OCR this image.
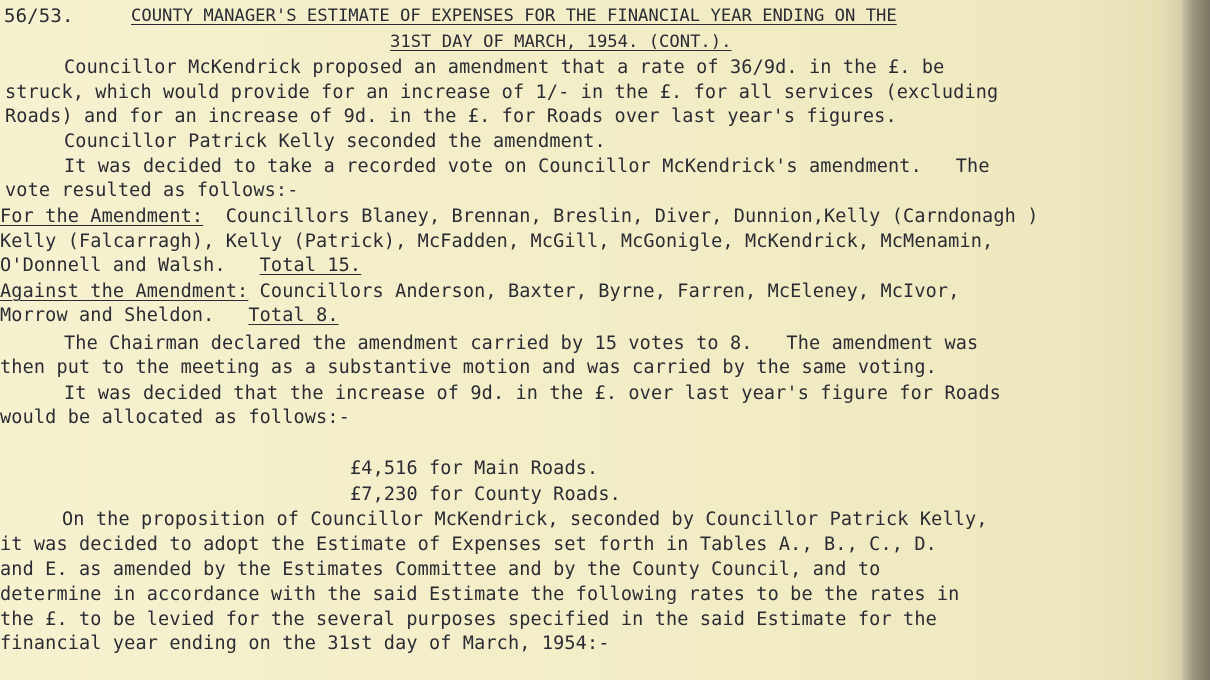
56/53.	COUNTY MANAGER'S ESTIMATE OF EXPENSES FOR THE FINANCIAL YEAR ENDING ON THE
31ST DAY OF MARCH, 1954. (CONT.).
Councillor McKendrick proposed an amendment that a rate of 36/9d. in the £. be
struck, which would provide for an increase of 1/- in the £. for all services (excluding
Roads) and for an increase of 9d. in the £. for Roads over last year's figures.
Councillor Patrick Kelly seconded the amendment.
It was decided to take a recorded vote on Councillor McKendrick's amendment.   The
vote resulted as follows:-
For the Amendment:  Councillors Blaney, Brennan, Breslin, Diver, Dunnion,Kelly (Carndonagh )
Kelly (Falcarragh), Kelly (Patrick), McFadden, McGill, McGonigle, McKendrick, McMenamin,
O'Donnell and Walsh.   Total 15.
Against the Amendment: Councillors Anderson, Baxter, Byrne, Farren, McEleney, McIvor,
Morrow and Sheldon.   Total 8.
The Chairman declared the amendment carried by 15 votes to 8.   The amendment was
then put to the meeting as a substantive motion and was carried by the same voting.
It was decided that the increase of 9d. in the £. over last year's figure for Roads
would be allocated as follows:-
£4,516 for Main Roads.
£7,230 for County Roads.
On the proposition of Councillor McKendrick, seconded by Councillor Patrick Kelly,
it was decided to adopt the Estimate of Expenses set forth in Tables A., B., C., D.
and E. as amended by the Estimates Committee and by the County Council, and to
determine in accordance with the said Estimate the following rates to be the rates in
the £. to be levied for the several purposes specified in the said Estimate for the
financial year ending on the 31st day of March, 1954:-
